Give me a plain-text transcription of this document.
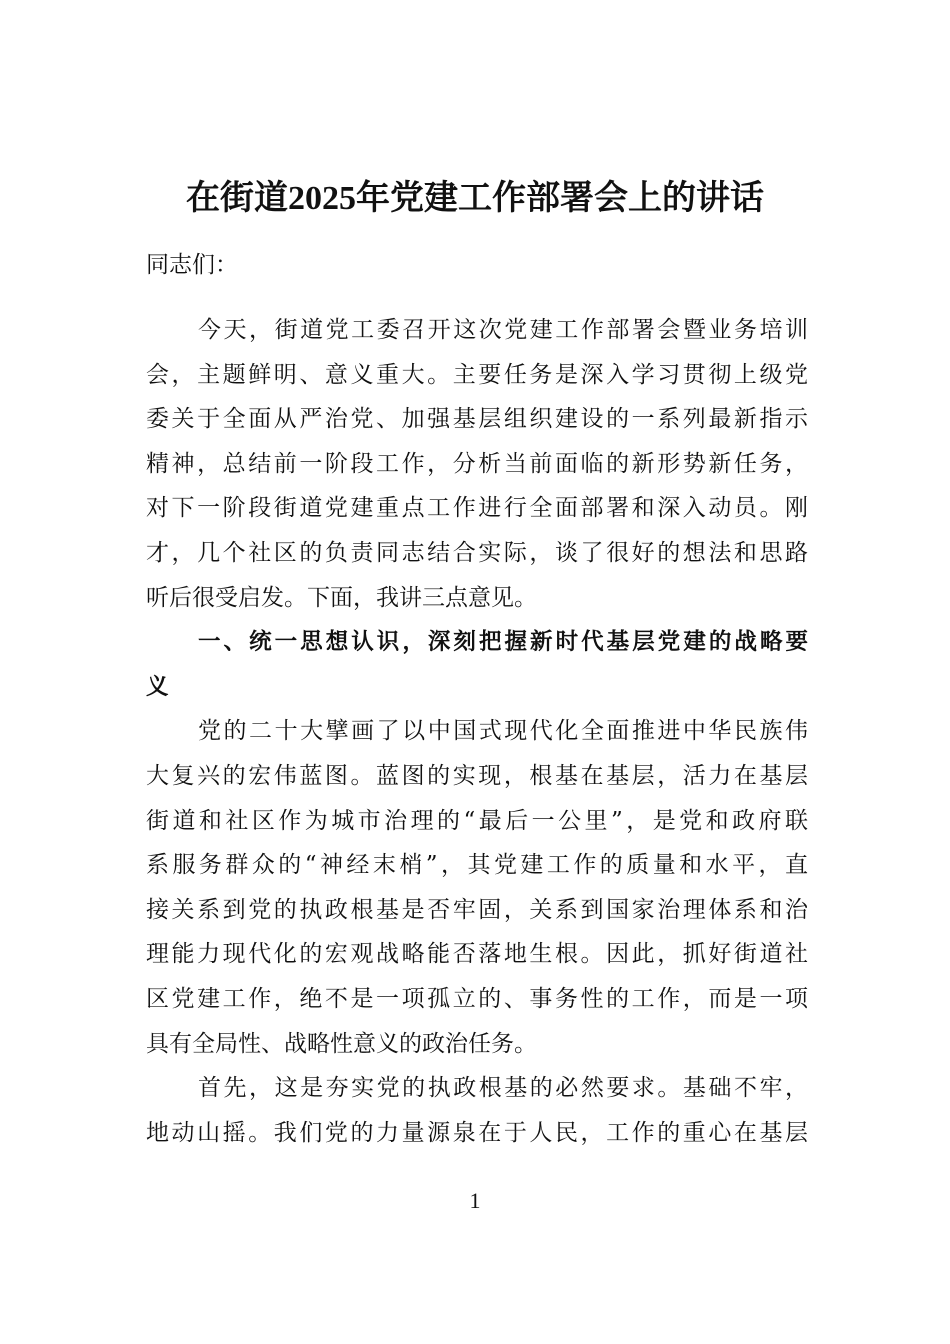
在街道2025年党建工作部署会上的讲话
同志们：
今天，街道党工委召开这次党建工作部署会暨业务培训
会，主题鲜明、意义重大。主要任务是深入学习贯彻上级党
委关于全面从严治党、加强基层组织建设的一系列最新指示
精神，总结前一阶段工作，分析当前面临的新形势新任务，
对下一阶段街道党建重点工作进行全面部署和深入动员。刚
才，几个社区的负责同志结合实际，谈了很好的想法和思路
听后很受启发。下面，我讲三点意见。
一、统一思想认识，深刻把握新时代基层党建的战略要
义
党的二十大擘画了以中国式现代化全面推进中华民族伟
大复兴的宏伟蓝图。蓝图的实现，根基在基层，活力在基层
街道和社区作为城市治理的“最后一公里”，是党和政府联
系服务群众的“神经末梢”，其党建工作的质量和水平，直
接关系到党的执政根基是否牢固，关系到国家治理体系和治
理能力现代化的宏观战略能否落地生根。因此，抓好街道社
区党建工作，绝不是一项孤立的、事务性的工作，而是一项
具有全局性、战略性意义的政治任务。
首先，这是夯实党的执政根基的必然要求。基础不牢，
地动山摇。我们党的力量源泉在于人民，工作的重心在基层
1
